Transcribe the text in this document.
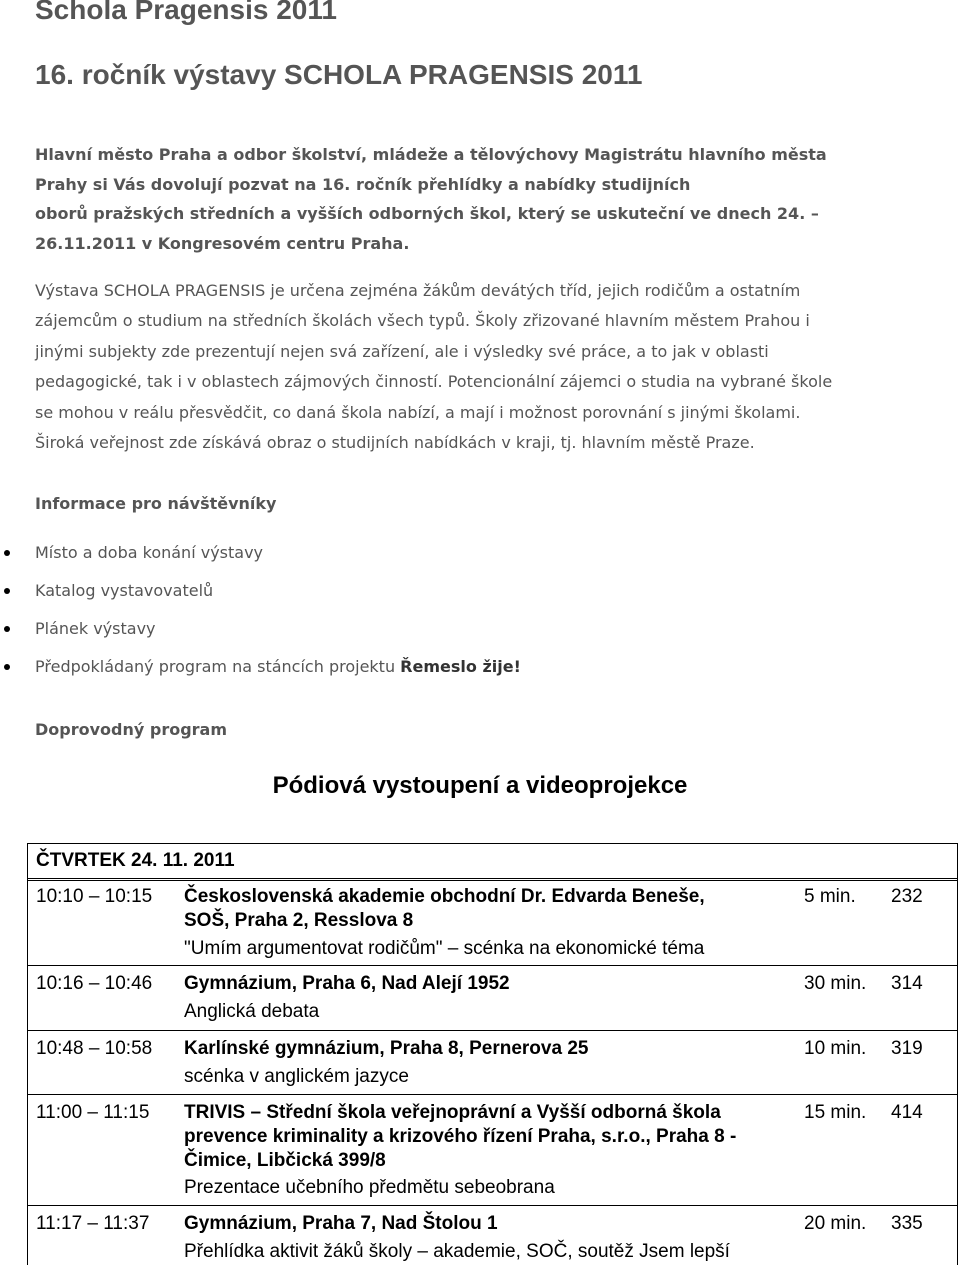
Schola Pragensis 2011
16. ročník výstavy SCHOLA PRAGENSIS 2011

Hlavní město Praha a odbor školství, mládeže a tělovýchovy Magistrátu hlavního města
Prahy si Vás dovolují pozvat na 16. ročník přehlídky a nabídky studijních
oborů pražských středních a vyšších odborných škol, který se uskuteční ve dnech 24. –
26.11.2011 v Kongresovém centru Praha.

Výstava SCHOLA PRAGENSIS je určena zejména žákům devátých tříd, jejich rodičům a ostatním
zájemcům o studium na středních školách všech typů. Školy zřizované hlavním městem Prahou i
jinými subjekty zde prezentují nejen svá zařízení, ale i výsledky své práce, a to jak v oblasti
pedagogické, tak i v oblastech zájmových činností. Potencionální zájemci o studia na vybrané škole
se mohou v reálu přesvědčit, co daná škola nabízí, a mají i možnost porovnání s jinými školami.
Široká veřejnost zde získává obraz o studijních nabídkách v kraji, tj. hlavním městě Praze.

Informace pro návštěvníky
Místo a doba konání výstavy
Katalog vystavovatelů
Plánek výstavy
Předpokládaný program na stáncích projektu Řemeslo žije!
Doprovodný program
Pódiová vystoupení a videoprojekce
ČTVRTEK 24. 11. 2011
10:10 – 10:15 Československá akademie obchodní Dr. Edvarda Beneše,
SOŠ, Praha 2, Resslova 8
"Umím argumentovat rodičům" – scénka na ekonomické téma
5 min. 232
10:16 – 10:46 Gymnázium, Praha 6, Nad Alejí 1952
Anglická debata
30 min. 314
10:48 – 10:58 Karlínské gymnázium, Praha 8, Pernerova 25
scénka v anglickém jazyce
10 min. 319
11:00 – 11:15 TRIVIS – Střední škola veřejnoprávní a Vyšší odborná škola
prevence kriminality a krizového řízení Praha, s.r.o., Praha 8 -
Čimice, Libčická 399/8
Prezentace učebního předmětu sebeobrana
15 min. 414
11:17 – 11:37 Gymnázium, Praha 7, Nad Štolou 1
Přehlídka aktivit žáků školy – akademie, SOČ, soutěž Jsem lepší
20 min. 335
